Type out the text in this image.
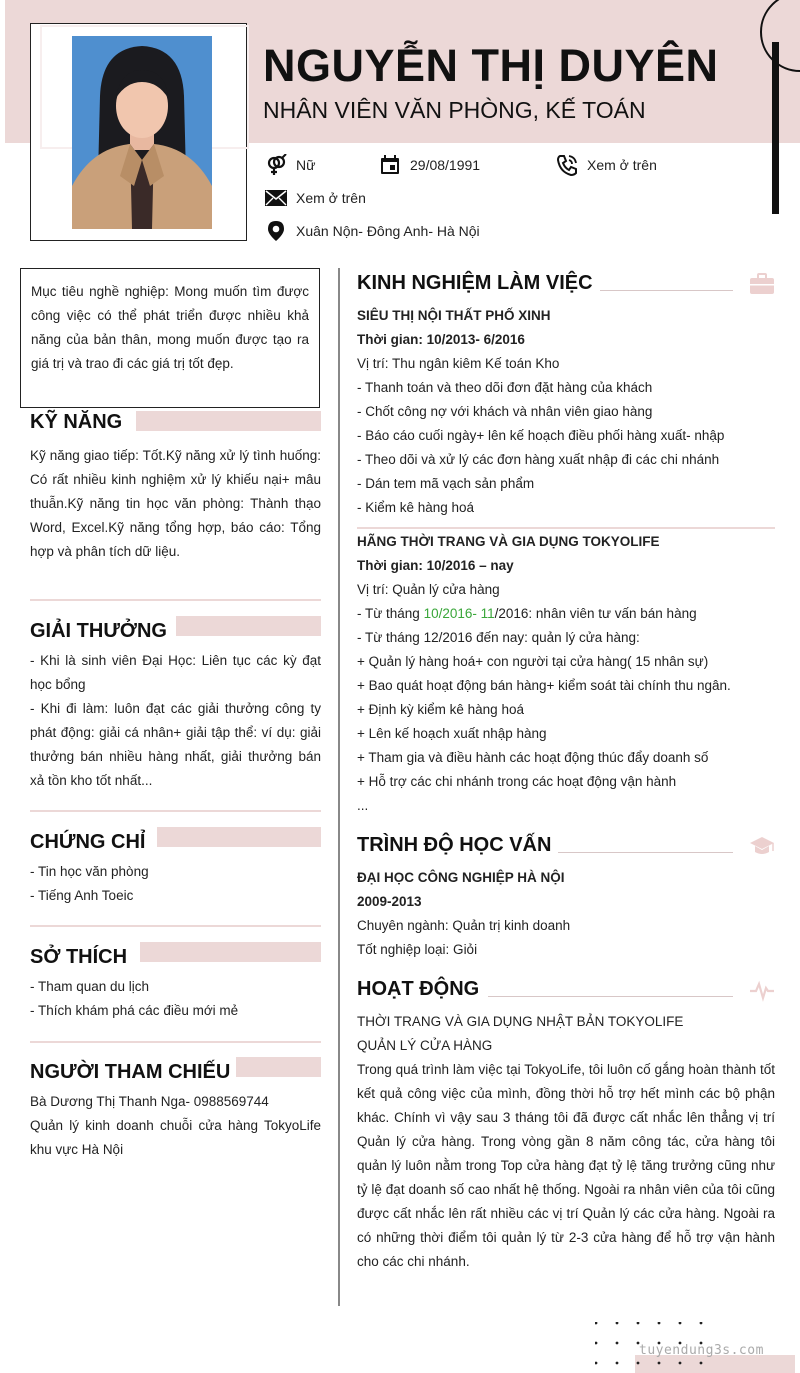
NGUYỄN THỊ DUYÊN
NHÂN VIÊN VĂN PHÒNG, KẾ TOÁN
Nữ	29/08/1991	Xem ở trên
Xem ở trên
Xuân Nộn- Đông Anh- Hà Nội
Mục tiêu nghề nghiệp: Mong muốn tìm được công việc có thể phát triển được nhiều khả năng của bản thân, mong muốn được tạo ra giá trị và trao đi các giá trị tốt đẹp.
KỸ NĂNG
Kỹ năng giao tiếp: Tốt.Kỹ năng xử lý tình huống: Có rất nhiều kinh nghiệm xử lý khiếu nại+ mâu thuẫn.Kỹ năng tin học văn phòng: Thành thạo Word, Excel.Kỹ năng tổng hợp, báo cáo: Tổng hợp và phân tích dữ liệu.
GIẢI THƯỞNG
- Khi là sinh viên Đại Học: Liên tục các kỳ đạt học bổng
- Khi đi làm: luôn đạt các giải thưởng công ty phát động: giải cá nhân+ giải tập thể: ví dụ: giải thưởng bán nhiều hàng nhất, giải thưởng bán xả tồn kho tốt nhất...
CHỨNG CHỈ
- Tin học văn phòng
- Tiếng Anh Toeic
SỞ THÍCH
- Tham quan du lịch
- Thích khám phá các điều mới mẻ
NGƯỜI THAM CHIẾU
Bà Dương Thị Thanh Nga- 0988569744
Quản lý kinh doanh chuỗi cửa hàng TokyoLife khu vực Hà Nội
KINH NGHIỆM LÀM VIỆC
SIÊU THỊ NỘI THẤT PHỐ XINH
Thời gian: 10/2013- 6/2016
Vị trí: Thu ngân kiêm Kế toán Kho
- Thanh toán và theo dõi đơn đặt hàng của khách
- Chốt công nợ với khách và nhân viên giao hàng
- Báo cáo cuối ngày+ lên kế hoạch điều phối hàng xuất- nhập
- Theo dõi và xử lý các đơn hàng xuất nhập đi các chi nhánh
- Dán tem mã vạch sản phẩm
- Kiểm kê hàng hoá
HÃNG THỜI TRANG VÀ GIA DỤNG TOKYOLIFE
Thời gian: 10/2016 – nay
Vị trí: Quản lý cửa hàng
- Từ tháng 10/2016- 11/2016: nhân viên tư vấn bán hàng
- Từ tháng 12/2016 đến nay: quản lý cửa hàng:
+ Quản lý hàng hoá+ con người tại cửa hàng( 15 nhân sự)
+ Bao quát hoạt động bán hàng+ kiểm soát tài chính thu ngân.
+ Định kỳ kiểm kê hàng hoá
+ Lên kế hoạch xuất nhập hàng
+ Tham gia và điều hành các hoạt động thúc đẩy doanh số
+ Hỗ trợ các chi nhánh trong các hoạt động vận hành
...
TRÌNH ĐỘ HỌC VẤN
ĐẠI HỌC CÔNG NGHIỆP HÀ NỘI
2009-2013
Chuyên ngành: Quản trị kinh doanh
Tốt nghiệp loại: Giỏi
HOẠT ĐỘNG
THỜI TRANG VÀ GIA DỤNG NHẬT BẢN TOKYOLIFE
QUẢN LÝ CỬA HÀNG
Trong quá trình làm việc tại TokyoLife, tôi luôn cố gắng hoàn thành tốt kết quả công việc của mình, đồng thời hỗ trợ hết mình các bộ phận khác. Chính vì vậy sau 3 tháng tôi đã được cất nhắc lên thẳng vị trí Quản lý cửa hàng. Trong vòng gần 8 năm công tác, cửa hàng tôi quản lý luôn nằm trong Top cửa hàng đạt tỷ lệ tăng trưởng cũng như tỷ lệ đạt doanh số cao nhất hệ thống. Ngoài ra nhân viên của tôi cũng được cất nhắc lên rất nhiều các vị trí Quản lý các cửa hàng. Ngoài ra có những thời điểm tôi quản lý từ 2-3 cửa hàng để hỗ trợ vận hành cho các chi nhánh.
tuyendung3s.com
